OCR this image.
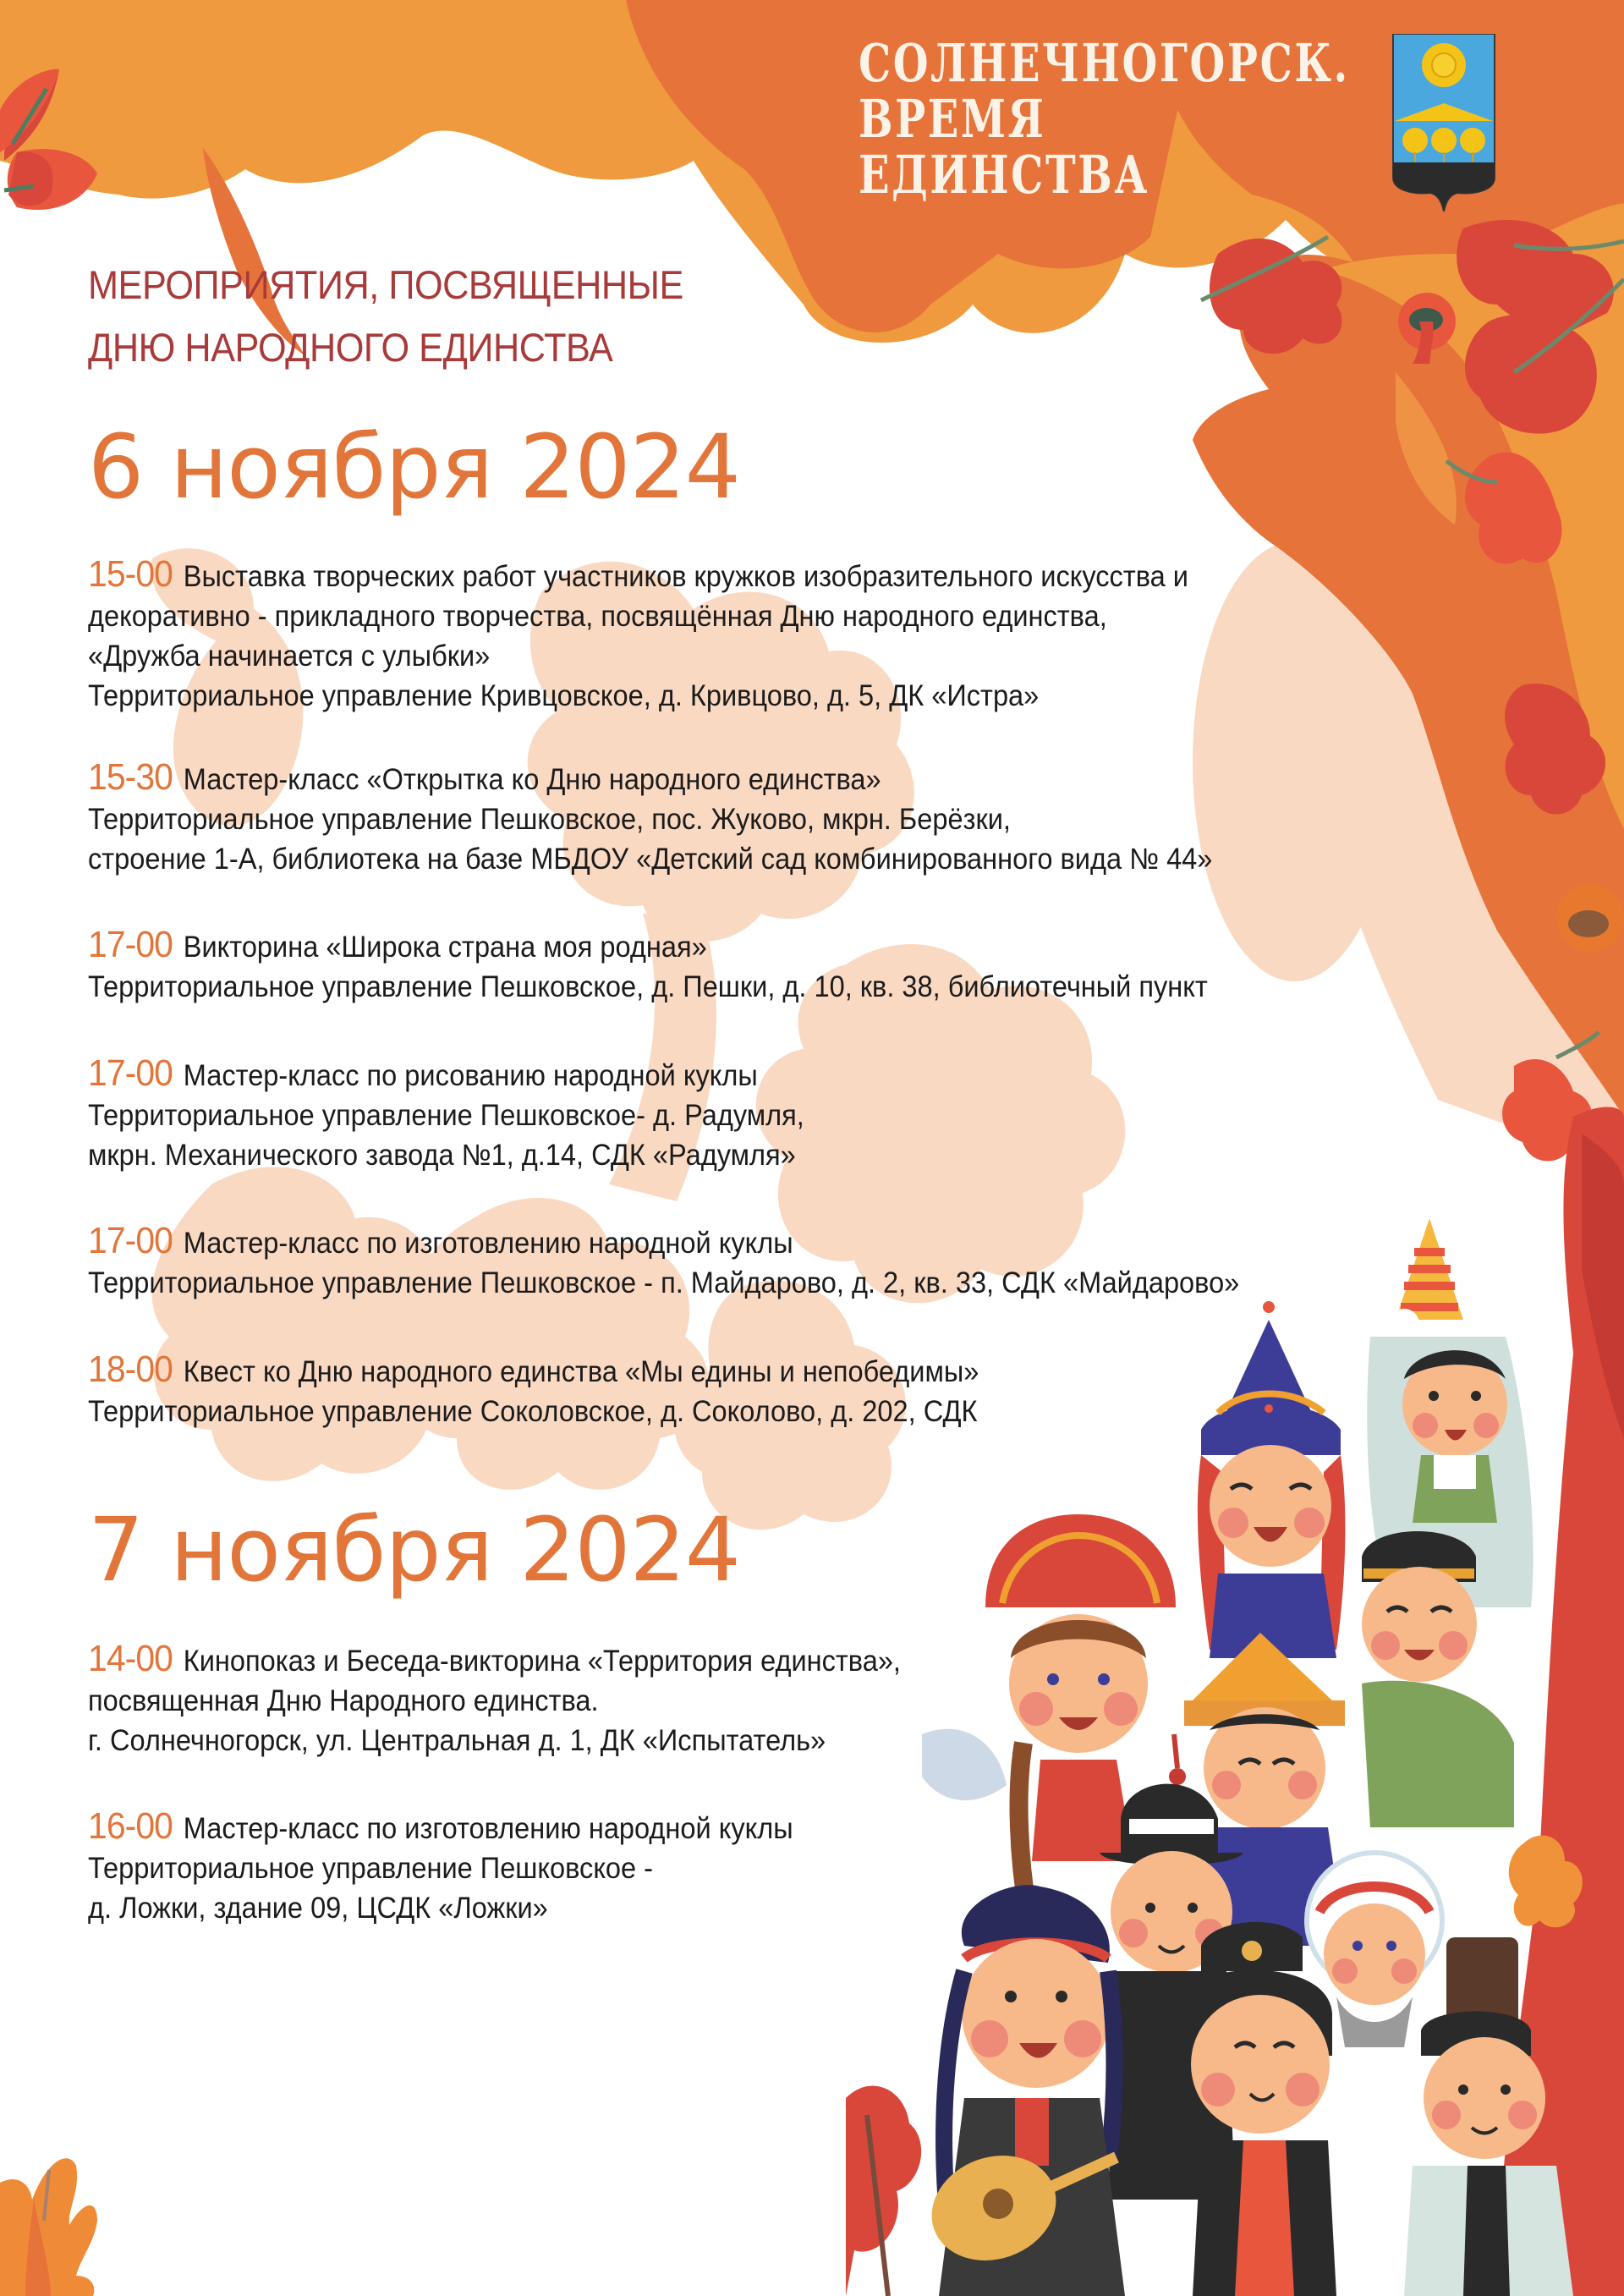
СОЛНЕЧНОГОРСК.
ВРЕМЯ
ЕДИНСТВА
МЕРОПРИЯТИЯ, ПОСВЯЩЕННЫЕ
ДНЮ НАРОДНОГО ЕДИНСТВА
6 ноября 2024
15-00 Выставка творческих работ участников кружков изобразительного искусства и
декоративно - прикладного творчества, посвящённая Дню народного единства,
«Дружба начинается с улыбки»
Территориальное управление Кривцовское, д. Кривцово, д. 5, ДК «Истра»
15-30 Мастер-класс «Открытка ко Дню народного единства»
Территориальное управление Пешковское, пос. Жуково, мкрн. Берёзки,
строение 1-А, библиотека на базе МБДОУ «Детский сад комбинированного вида № 44»
17-00 Викторина «Широка страна моя родная»
Территориальное управление Пешковское, д. Пешки, д. 10, кв. 38, библиотечный пункт
17-00 Мастер-класс по рисованию народной куклы
Территориальное управление Пешковское- д. Радумля,
мкрн. Механического завода №1, д.14, СДК «Радумля»
17-00 Мастер-класс по изготовлению народной куклы
Территориальное управление Пешковское - п. Майдарово, д. 2, кв. 33, СДК «Майдарово»
18-00 Квест ко Дню народного единства «Мы едины и непобедимы»
Территориальное управление Соколовское, д. Соколово, д. 202, СДК
7 ноября 2024
14-00 Кинопоказ и Беседа-викторина «Территория единства»,
посвященная Дню Народного единства.
г. Солнечногорск, ул. Центральная д. 1, ДК «Испытатель»
16-00 Мастер-класс по изготовлению народной куклы
Территориальное управление Пешковское -
д. Ложки, здание 09, ЦСДК «Ложки»
